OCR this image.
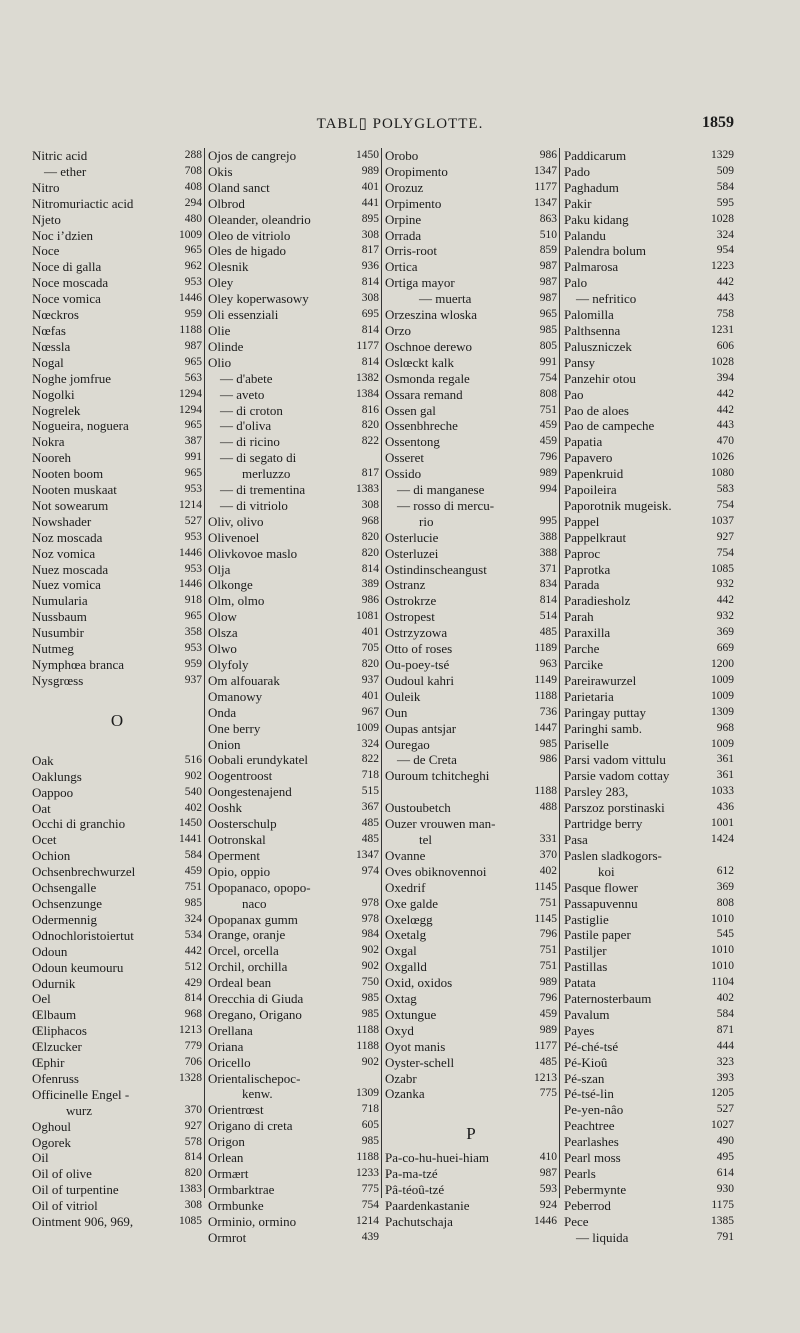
TABL▯ POLYGLOTTE.	1859
Nitric acid	288
— ether	708
Nitro	408
Nitromuriactic acid	294
Njeto	480
Noc i’dzien	1009
Noce	965
Noce di galla	962
Noce moscada	953
Noce vomica	1446
Nœckros	959
Nœfas	1188
Nœssla	987
Nogal	965
Noghe jomfrue	563
Nogolki	1294
Nogrelek	1294
Nogueira, noguera	965
Nokra	387
Nooreh	991
Nooten boom	965
Nooten muskaat	953
Not sowearum	1214
Nowshader	527
Noz moscada	953
Noz vomica	1446
Nuez moscada	953
Nuez vomica	1446
Numularia	918
Nussbaum	965
Nusumbir	358
Nutmeg	953
Nymphœa branca	959
Nysgrœss	937
O
Oak	516
Oaklungs	902
Oappoo	540
Oat	402
Occhi di granchio	1450
Ocet	1441
Ochion	584
Ochsenbrechwurzel	459
Ochsengalle	751
Ochsenzunge	985
Odermennig	324
Odnochloristoiertut	534
Odoun	442
Odoun keumouru	512
Odurnik	429
Oel	814
Œlbaum	968
Œliphacos	1213
Œlzucker	779
Œphir	706
Ofenruss	1328
Officinelle Engel -
wurz	370
Oghoul	927
Ogorek	578
Oil	814
Oil of olive	820
Oil of turpentine	1383
Oil of vitriol	308
Ointment 906, 969,	1085
Ojos de cangrejo	1450
Okis	989
Oland sanct	401
Olbrod	441
Oleander, oleandrio	895
Oleo de vitriolo	308
Oles de higado	817
Olesnik	936
Oley	814
Oley koperwasowy	308
Oli essenziali	695
Olie	814
Olinde	1177
Olio	814
— d'abete	1382
— aveto	1384
— di croton	816
— d'oliva	820
— di ricino	822
— di segato di
merluzzo	817
— di trementina	1383
— di vitriolo	308
Oliv, olivo	968
Olivenoel	820
Olivkovoe maslo	820
Olja	814
Olkonge	389
Olm, olmo	986
Olow	1081
Olsza	401
Olwo	705
Olyfoly	820
Om alfouarak	937
Omanowy	401
Onda	967
One berry	1009
Onion	324
Oobali erundykatel	822
Oogentroost	718
Oongestenajend	515
Ooshk	367
Oosterschulp	485
Ootronskal	485
Operment	1347
Opio, oppio	974
Opopanaco, opopo-
naco	978
Opopanax gumm	978
Orange, oranje	984
Orcel, orcella	902
Orchil, orchilla	902
Ordeal bean	750
Orecchia di Giuda	985
Oregano, Origano	985
Orellana	1188
Oriana	1188
Oricello	902
Orientalischepoc-
kenw.	1309
Orientrœst	718
Origano di creta	605
Origon	985
Orlean	1188
Ormært	1233
Ormbarktrae	775
Ormbunke	754
Orminio, ormino	1214
Ormrot	439
Orobo	986
Oropimento	1347
Orozuz	1177
Orpimento	1347
Orpine	863
Orrada	510
Orris-root	859
Ortica	987
Ortiga mayor	987
— muerta	987
Orzeszina wloska	965
Orzo	985
Oschnoe derewo	805
Oslœckt kalk	991
Osmonda regale	754
Ossara remand	808
Ossen gal	751
Ossenbhreche	459
Ossentong	459
Osseret	796
Ossido	989
— di manganese	994
— rosso di mercu-
rio	995
Osterlucie	388
Osterluzei	388
Ostindinscheangust	371
Ostranz	834
Ostrokrze	814
Ostropest	514
Ostrzyzowa	485
Otto of roses	1189
Ou-poey-tsé	963
Oudoul kahri	1149
Ouleik	1188
Oun	736
Oupas antsjar	1447
Ouregao	985
— de Creta	986
Ouroum tchitcheghi
1188
Oustoubetch	488
Ouzer vrouwen man-
tel	331
Ovanne	370
Oves obiknovennoi	402
Oxedrif	1145
Oxe galde	751
Oxelœgg	1145
Oxetalg	796
Oxgal	751
Oxgalld	751
Oxid, oxidos	989
Oxtag	796
Oxtungue	459
Oxyd	989
Oyot manis	1177
Oyster-schell	485
Ozabr	1213
Ozanka	775
P
Pa-co-hu-huei-hiam	410
Pa-ma-tzé	987
Pâ-téoû-tzé	593
Paardenkastanie	924
Pachutschaja	1446
Paddicarum	1329
Pado	509
Paghadum	584
Pakir	595
Paku kidang	1028
Palandu	324
Palendra bolum	954
Palmarosa	1223
Palo	442
— nefritico	443
Palomilla	758
Palthsenna	1231
Paluszniczek	606
Pansy	1028
Panzehir otou	394
Pao	442
Pao de aloes	442
Pao de campeche	443
Papatia	470
Papavero	1026
Papenkruid	1080
Papoileira	583
Paporotnik mugeisk.	754
Pappel	1037
Pappelkraut	927
Paproc	754
Paprotka	1085
Parada	932
Paradiesholz	442
Parah	932
Paraxilla	369
Parche	669
Parcike	1200
Pareirawurzel	1009
Parietaria	1009
Paringay puttay	1309
Paringhi samb.	968
Pariselle	1009
Parsi vadom vittulu	361
Parsie vadom cottay	361
Parsley 283,	1033
Parszoz porstinaski	436
Partridge berry	1001
Pasa	1424
Paslen sladkogors-
koi	612
Pasque flower	369
Passapuvennu	808
Pastiglie	1010
Pastile paper	545
Pastiljer	1010
Pastillas	1010
Patata	1104
Paternosterbaum	402
Pavalum	584
Payes	871
Pé-ché-tsé	444
Pé-Kioû	323
Pé-szan	393
Pé-tsé-lin	1205
Pe-yen-nâo	527
Peachtree	1027
Pearlashes	490
Pearl moss	495
Pearls	614
Pebermynte	930
Peberrod	1175
Pece	1385
— liquida	791
